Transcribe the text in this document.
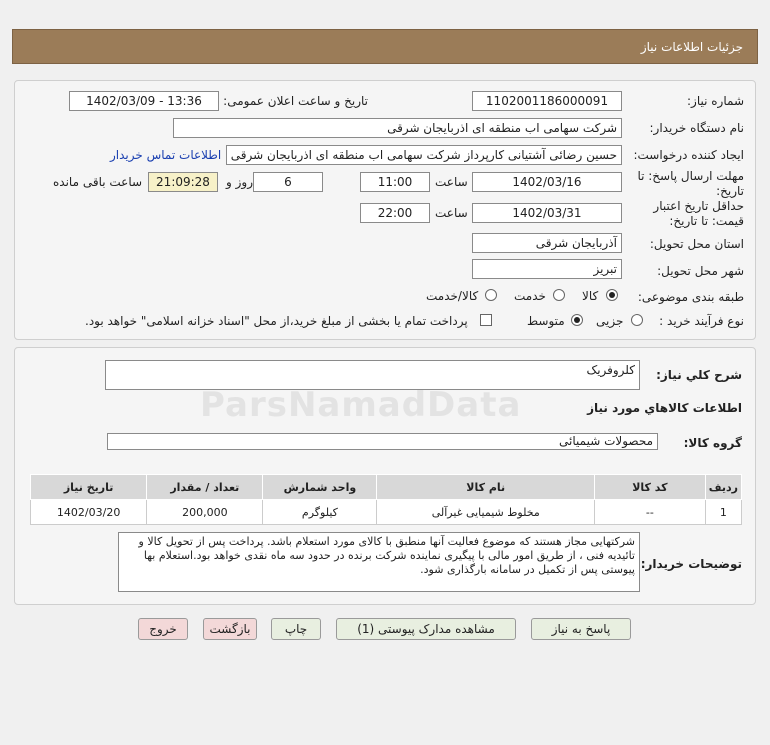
جزئیات اطلاعات نیاز
شماره نیاز:
1102001186000091
تاریخ و ساعت اعلان عمومی:
1402/03/09 - 13:36
نام دستگاه خریدار:
شرکت سهامی اب منطقه ای اذربایجان شرقی
ایجاد کننده درخواست:
حسین رضائی آشتیانی کارپرداز شرکت سهامی اب منطقه ای اذربایجان شرقی
اطلاعات تماس خریدار
مهلت ارسال پاسخ: تا تاریخ:
1402/03/16
ساعت
11:00
6
روز و
21:09:28
ساعت باقی مانده
حداقل تاریخ اعتبار قیمت: تا تاریخ:
1402/03/31
ساعت
22:00
استان محل تحویل:
آذربایجان شرقی
شهر محل تحویل:
تبریز
طبقه بندی موضوعی:
کالا
خدمت
کالا/خدمت
نوع فرآیند خرید :
جزیی
متوسط
پرداخت تمام یا بخشی از مبلغ خرید،از محل "اسناد خزانه اسلامی" خواهد بود.
شرح کلي نياز:
کلروفریک
اطلاعات کالاهاي مورد نياز
گروه کالا:
محصولات شیمیائی
ردیف	کد کالا	نام کالا	واحد شمارش	تعداد / مقدار	تاریخ نیاز
1	--	مخلوط شیمیایی غیرآلی	کیلوگرم	200,000	1402/03/20
توضیحات خریدار:
شرکتهایی مجاز هستند که موضوع فعالیت آنها منطبق با کالای مورد استعلام باشد. پرداخت پس از تحویل کالا و تائیدیه فنی ، از طریق امور مالی با پیگیری نماینده شرکت برنده در حدود سه ماه نقدی خواهد بود.استعلام بها پیوستی پس از تکمیل در سامانه بارگذاری شود.
پاسخ به نیاز
مشاهده مدارک پیوستی (1)
چاپ
بازگشت
خروج
